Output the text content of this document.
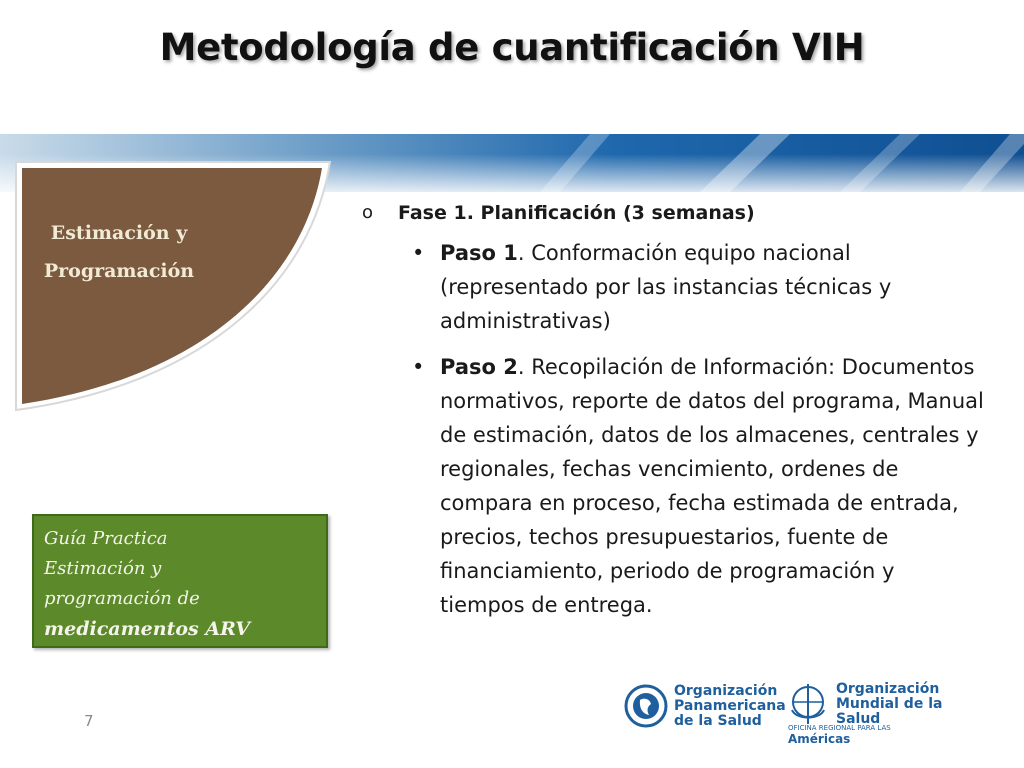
Metodología de cuantificación VIH
Estimación y
Programación
o	Fase 1. Planificación (3 semanas)
• Paso 1. Conformación equipo nacional (representado por las instancias técnicas y administrativas)
• Paso 2. Recopilación de Información: Documentos normativos, reporte de datos del programa, Manual de estimación, datos de los almacenes, centrales y regionales, fechas vencimiento, ordenes de compara en proceso, fecha estimada de entrada, precios, techos presupuestarios, fuente de financiamiento, periodo de programación y tiempos de entrega.
Guía Practica
Estimación y
programación de
medicamentos ARV
7
Organización
Panamericana
de la Salud
Organización
Mundial de la Salud
OFICINA REGIONAL PARA LAS Américas
